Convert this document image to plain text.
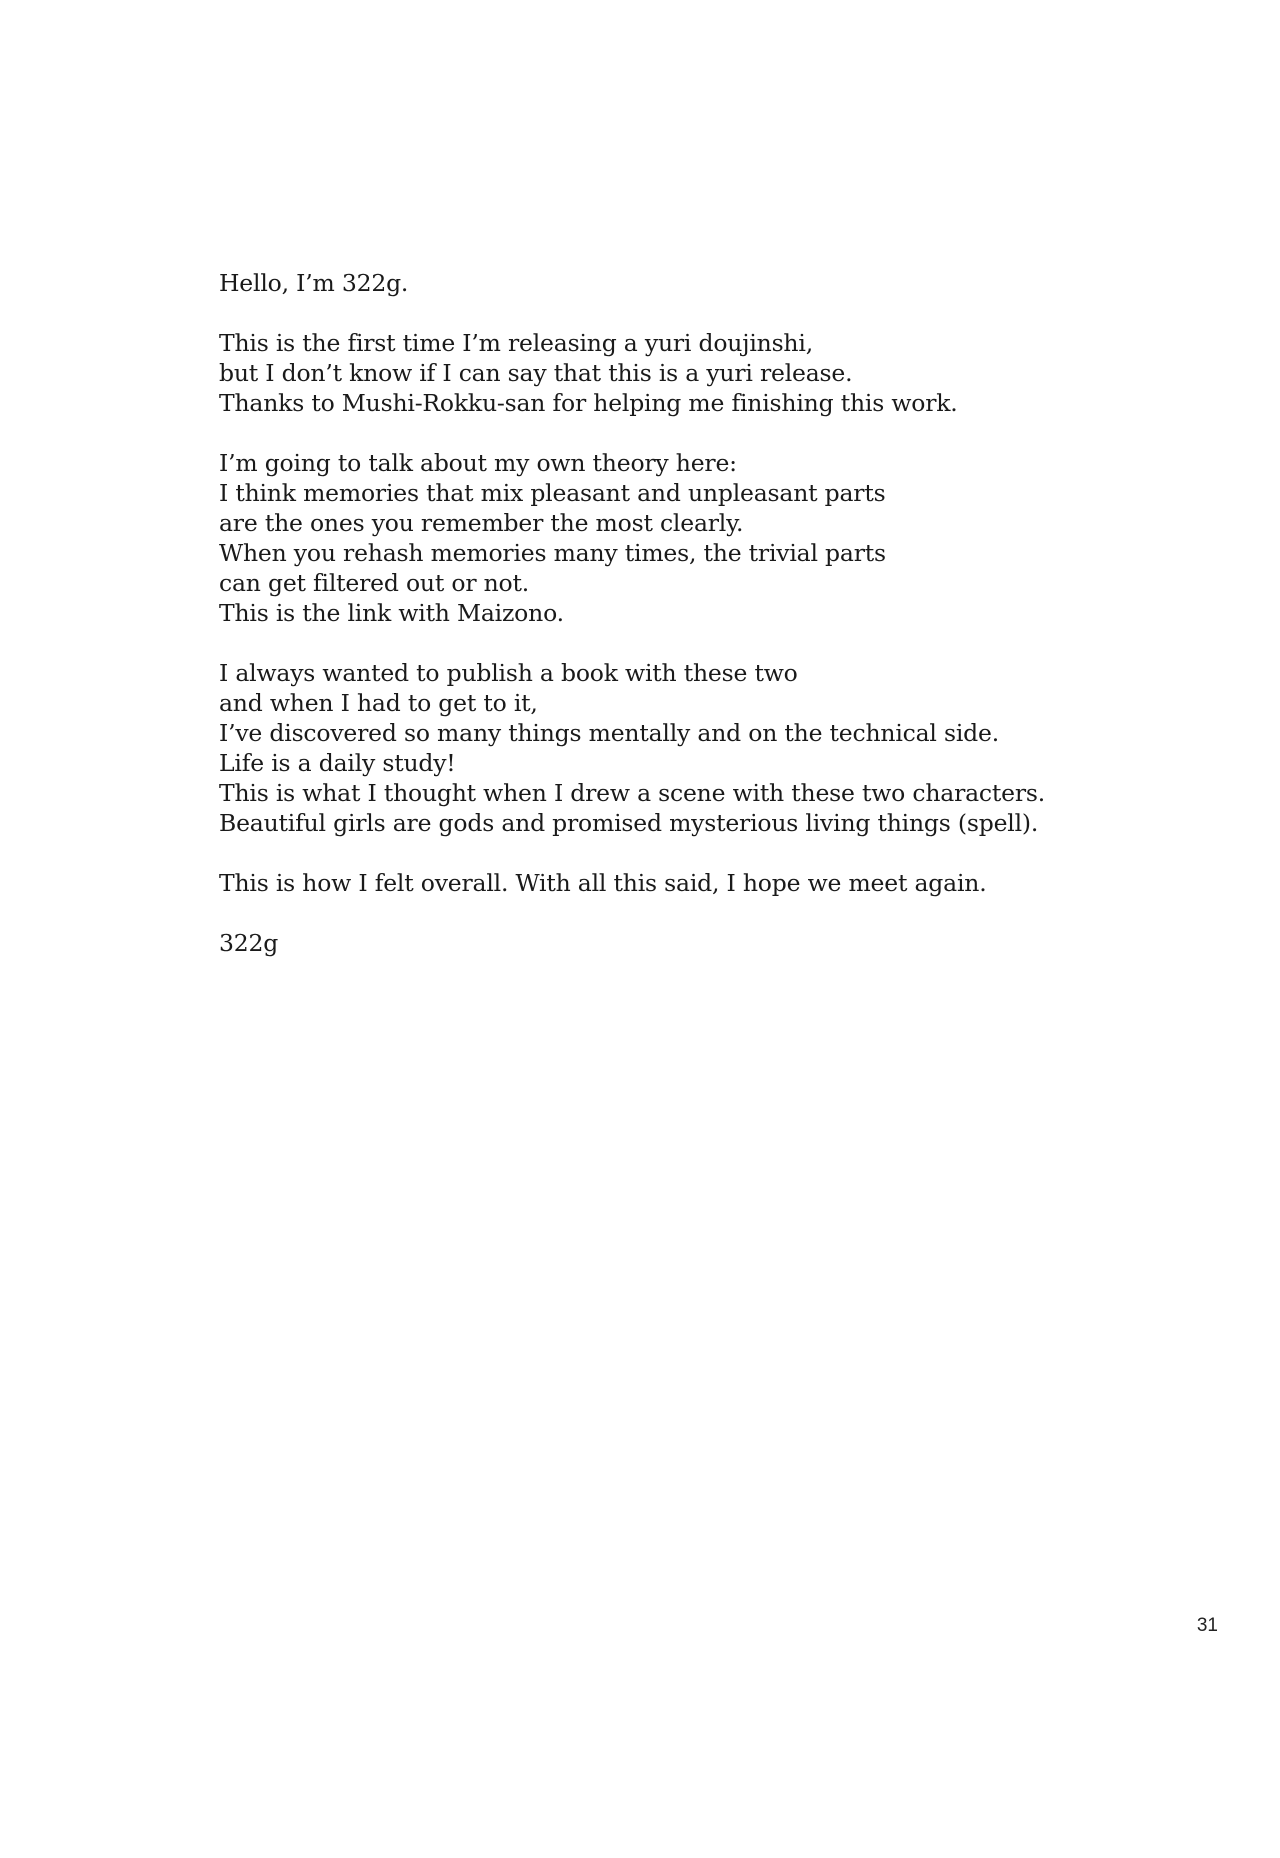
Hello, I’m 322g.

This is the first time I’m releasing a yuri doujinshi,
but I don’t know if I can say that this is a yuri release.
Thanks to Mushi-Rokku-san for helping me finishing this work.

I’m going to talk about my own theory here:
I think memories that mix pleasant and unpleasant parts
are the ones you remember the most clearly.
When you rehash memories many times, the trivial parts
can get filtered out or not.
This is the link with Maizono.

I always wanted to publish a book with these two
and when I had to get to it,
I’ve discovered so many things mentally and on the technical side.
Life is a daily study!
This is what I thought when I drew a scene with these two characters.
Beautiful girls are gods and promised mysterious living things (spell).

This is how I felt overall. With all this said, I hope we meet again.

322g

31
